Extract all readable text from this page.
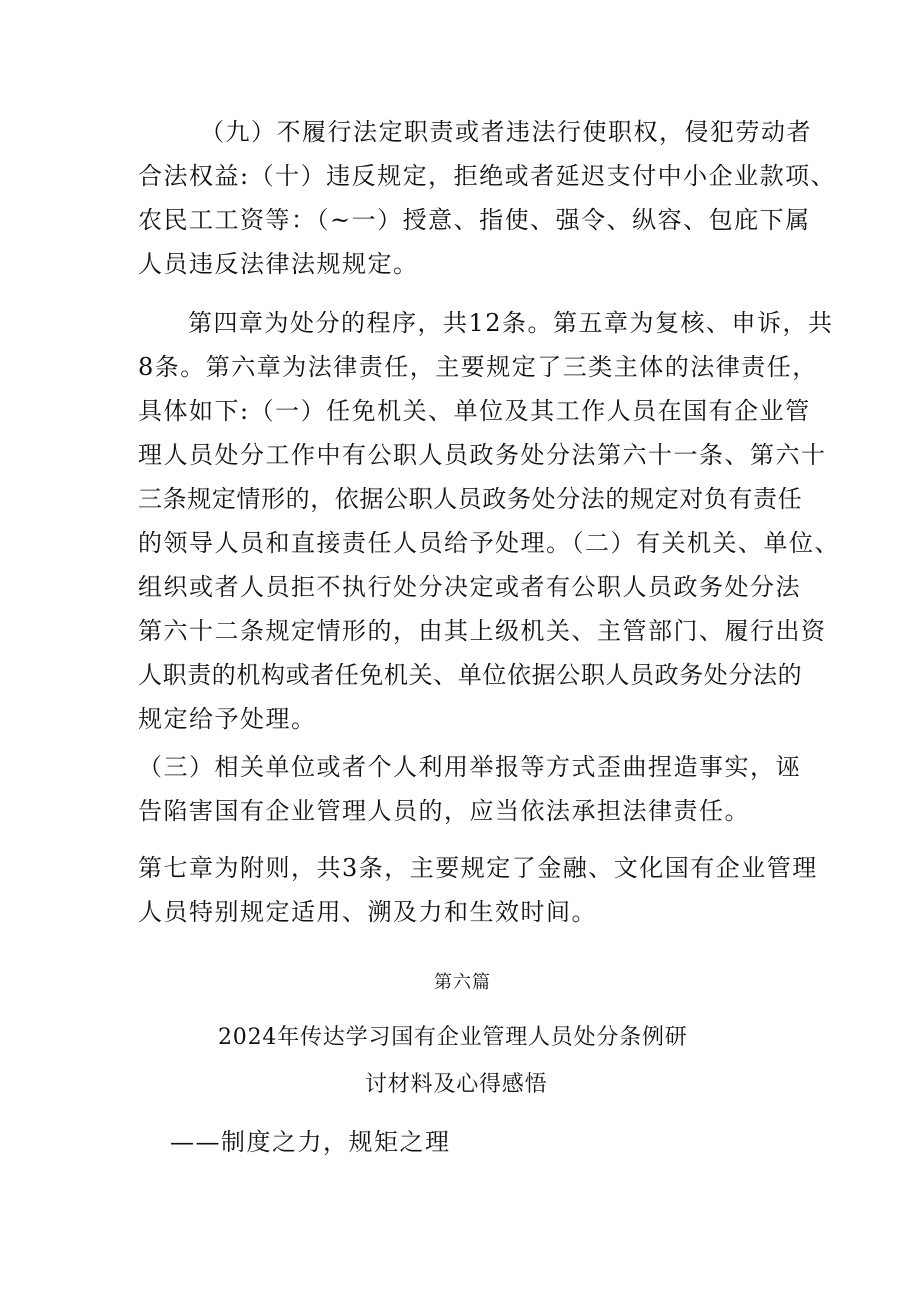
（九）不履行法定职责或者违法行使职权，侵犯劳动者
合法权益:（十）违反规定，拒绝或者延迟支付中小企业款项、
农民工工资等：（~一）授意、指使、强令、纵容、包庇下属
人员违反法律法规规定。
第四章为处分的程序，共12条。第五章为复核、申诉，共
8条。第六章为法律责任，主要规定了三类主体的法律责任，
具体如下:（一）任免机关、单位及其工作人员在国有企业管
理人员处分工作中有公职人员政务处分法第六十一条、第六十
三条规定情形的，依据公职人员政务处分法的规定对负有责任
的领导人员和直接责任人员给予处理。（二）有关机关、单位、
组织或者人员拒不执行处分决定或者有公职人员政务处分法
第六十二条规定情形的，由其上级机关、主管部门、履行出资
人职责的机构或者任免机关、单位依据公职人员政务处分法的
规定给予处理。
（三）相关单位或者个人利用举报等方式歪曲捏造事实，诬
告陷害国有企业管理人员的，应当依法承担法律责任。
第七章为附则，共3条，主要规定了金融、文化国有企业管理
人员特别规定适用、溯及力和生效时间。
第六篇
2024年传达学习国有企业管理人员处分条例研
讨材料及心得感悟
——制度之力，规矩之理
